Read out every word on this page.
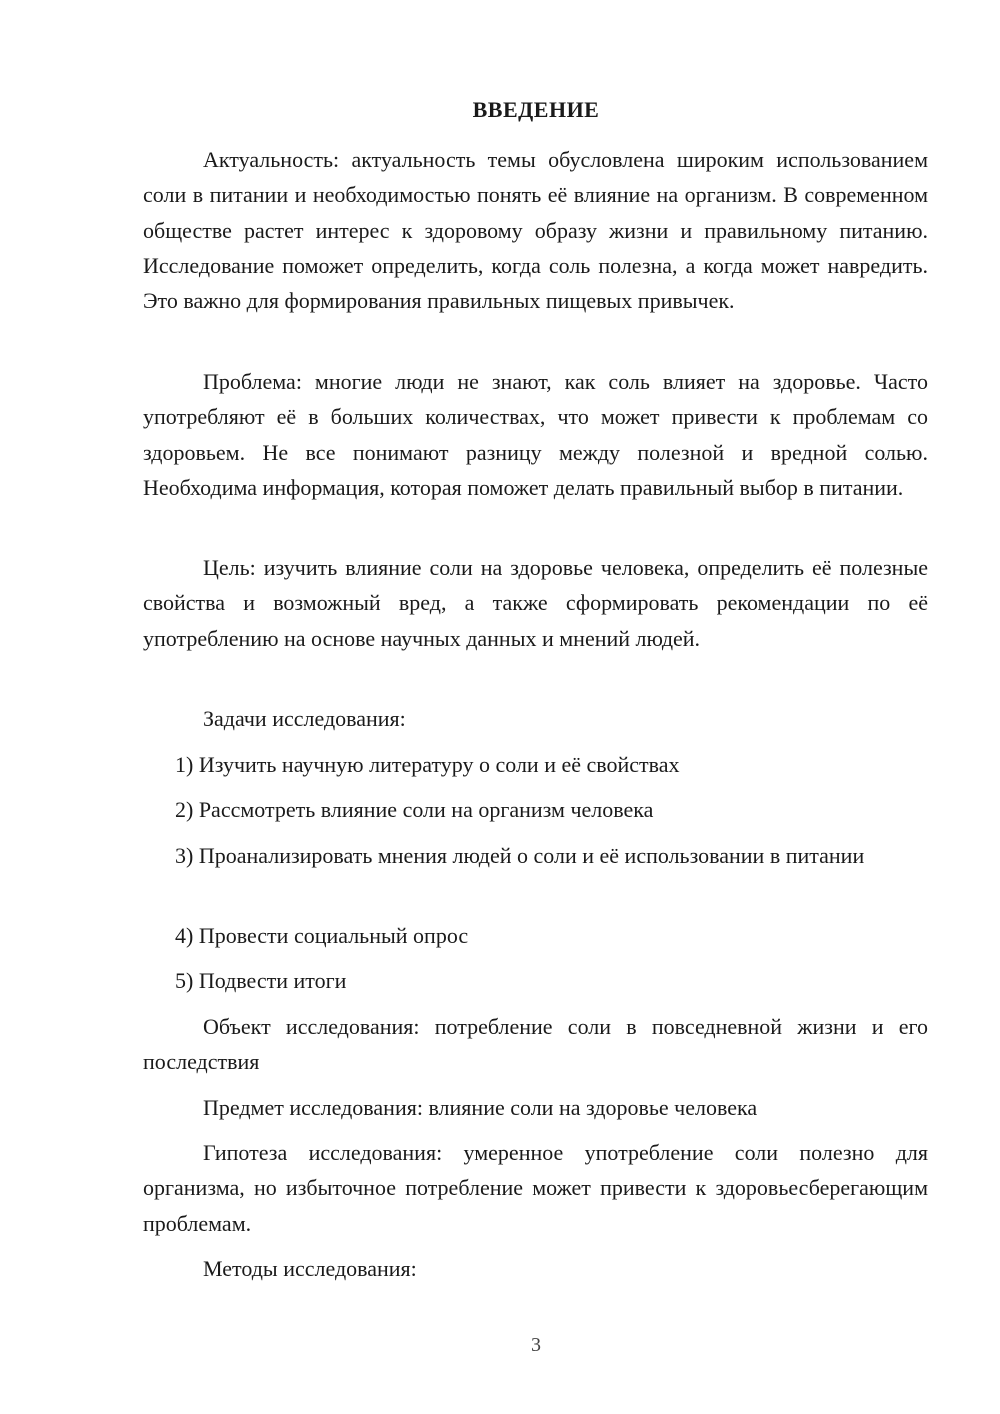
ВВЕДЕНИЕ

Актуальность: актуальность темы обусловлена широким использованием соли в питании и необходимостью понять её влияние на организм. В современном обществе растет интерес к здоровому образу жизни и правильному питанию. Исследование поможет определить, когда соль полезна, а когда может навредить. Это важно для формирования правильных пищевых привычек.

Проблема: многие люди не знают, как соль влияет на здоровье. Часто употребляют её в больших количествах, что может привести к проблемам со здоровьем. Не все понимают разницу между полезной и вредной солью. Необходима информация, которая поможет делать правильный выбор в питании.

Цель: изучить влияние соли на здоровье человека, определить её полезные свойства и возможный вред, а также сформировать рекомендации по её употреблению на основе научных данных и мнений людей.

Задачи исследования:

1) Изучить научную литературу о соли и её свойствах

2) Рассмотреть влияние соли на организм человека

3) Проанализировать мнения людей о соли и её использовании в питании

4) Провести социальный опрос

5) Подвести итоги

Объект исследования: потребление соли в повседневной жизни и его последствия

Предмет исследования: влияние соли на здоровье человека

Гипотеза исследования: умеренное употребление соли полезно для организма, но избыточное потребление может привести к здоровьесберегающим проблемам.

Методы исследования:

3
